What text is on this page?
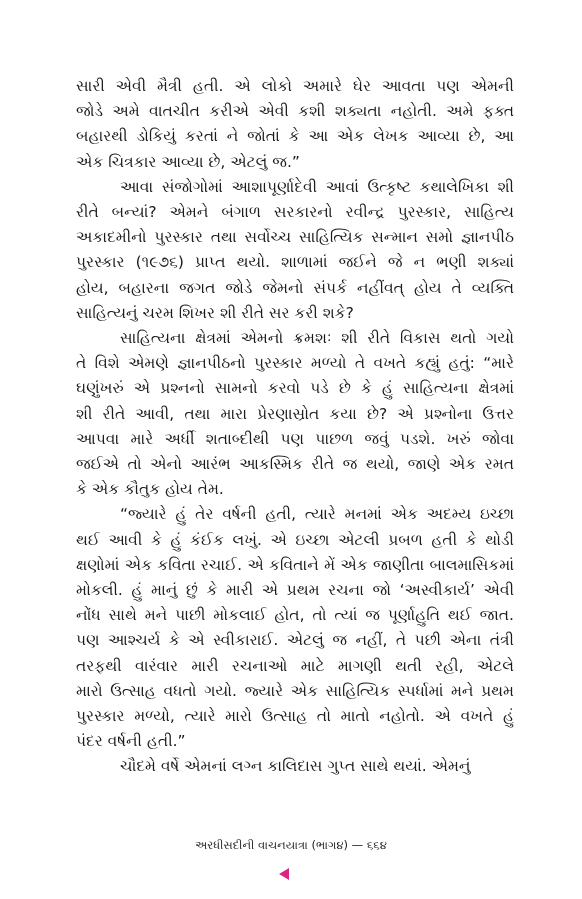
સારી એવી મૈત્રી હતી. એ લોકો અમારે ઘેર આવતા પણ એમની
જોડે અમે વાતચીત કરીએ એવી કશી શક્યતા નહોતી. અમે ફક્ત
બહારથી ડોકિયું કરતાં ને જોતાં કે આ એક લેખક આવ્યા છે, આ
એક ચિત્રકાર આવ્યા છે, એટલું જ.”
આવા સંજોગોમાં આશાપૂર્ણાદેવી આવાં ઉત્કૃષ્ટ કથાલેખિકા શી
રીતે બન્યાં? એમને બંગાળ સરકારનો રવીન્દ્ર પુરસ્કાર, સાહિત્ય
અકાદમીનો પુરસ્કાર તથા સર્વોચ્ચ સાહિત્યિક સન્માન સમો જ્ઞાનપીઠ
પુરસ્કાર (૧૯૭૬) પ્રાપ્ત થયો. શાળામાં જઈને જે ન ભણી શક્યાં
હોય, બહારના જગત જોડે જેમનો સંપર્ક નહીંવત્ હોય તે વ્યક્તિ
સાહિત્યનું ચરમ શિખર શી રીતે સર કરી શકે?
સાહિત્યના ક્ષેત્રમાં એમનો ક્રમશઃ શી રીતે વિકાસ થતો ગયો
તે વિશે એમણે જ્ઞાનપીઠનો પુરસ્કાર મળ્યો તે વખતે કહ્યું હતું: “મારે
ઘણુંખરું એ પ્રશ્નનો સામનો કરવો પડે છે કે હું સાહિત્યના ક્ષેત્રમાં
શી રીતે આવી, તથા મારા પ્રેરણાસ્રોત કયા છે? એ પ્રશ્નોના ઉત્તર
આપવા મારે અર્ધી શતાબ્દીથી પણ પાછળ જવું પડશે. ખરું જોવા
જઈએ તો એનો આરંભ આકસ્મિક રીતે જ થયો, જાણે એક રમત
કે એક કૌતુક હોય તેમ.
“જ્યારે હું તેર વર્ષની હતી, ત્યારે મનમાં એક અદમ્ય ઇચ્છા
થઈ આવી કે હું કંઈક લખું. એ ઇચ્છા એટલી પ્રબળ હતી કે થોડી
ક્ષણોમાં એક કવિતા રચાઈ. એ કવિતાને મેં એક જાણીતા બાલમાસિકમાં
મોકલી. હું માનું છું કે મારી એ પ્રથમ રચના જો ‘અસ્વીકાર્ય’ એવી
નોંધ સાથે મને પાછી મોકલાઈ હોત, તો ત્યાં જ પૂર્ણાહુતિ થઈ જાત.
પણ આશ્ચર્ય કે એ સ્વીકારાઈ. એટલું જ નહીં, તે પછી એના તંત્રી
તરફથી વારંવાર મારી રચનાઓ માટે માગણી થતી રહી, એટલે
મારો ઉત્સાહ વધતો ગયો. જ્યારે એક સાહિત્યિક સ્પર્ધામાં મને પ્રથમ
પુરસ્કાર મળ્યો, ત્યારે મારો ઉત્સાહ તો માતો નહોતો. એ વખતે હું
પંદર વર્ષની હતી.”
ચૌદમે વર્ષે એમનાં લગ્ન કાલિદાસ ગુપ્ત સાથે થયાં. એમનું
અરધીસદીની વાચનયાત્રા (ભાગ૪) — ૬૬૪
